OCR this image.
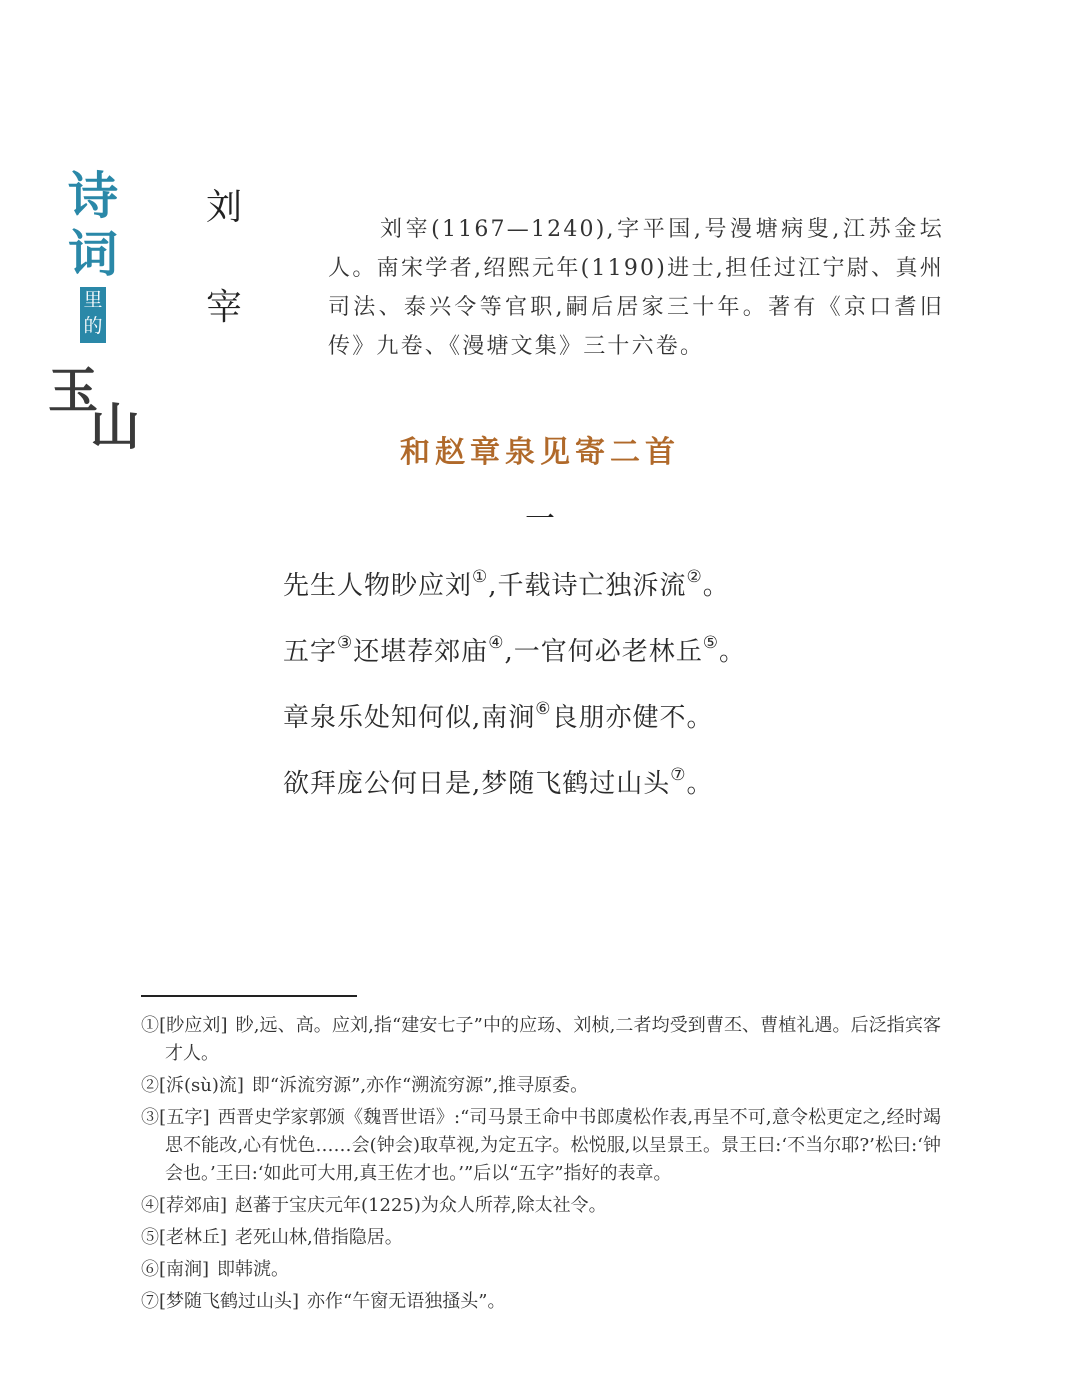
诗
词
里的
玉
山
刘
宰
刘宰(1167—1240),字平国,号漫塘病叟,江苏金坛人。南宋学者,绍熙元年(1190)进士,担任过江宁尉、真州司法、泰兴令等官职,嗣后居家三十年。著有《京口耆旧传》九卷、《漫塘文集》三十六卷。
和赵章泉见寄二首
一
先生人物眇应刘①,千载诗亡独泝流②。
五字③还堪荐郊庙④,一官何必老林丘⑤。
章泉乐处知何似,南涧⑥良朋亦健不。
欲拜庞公何日是,梦随飞鹤过山头⑦。
①[眇应刘] 眇,远、高。应刘,指“建安七子”中的应玚、刘桢,二者均受到曹丕、曹植礼遇。后泛指宾客才人。
②[泝(sù)流] 即“泝流穷源”,亦作“溯流穷源”,推寻原委。
③[五字] 西晋史学家郭颁《魏晋世语》:“司马景王命中书郎虞松作表,再呈不可,意令松更定之,经时竭思不能改,心有忧色……会(钟会)取草视,为定五字。松悦服,以呈景王。景王曰:‘不当尔耶?’松曰:‘钟会也。’王曰:‘如此可大用,真王佐才也。’”后以“五字”指好的表章。
④[荐郊庙] 赵蕃于宝庆元年(1225)为众人所荐,除太社令。
⑤[老林丘] 老死山林,借指隐居。
⑥[南涧] 即韩淲。
⑦[梦随飞鹤过山头] 亦作“午窗无语独搔头”。
